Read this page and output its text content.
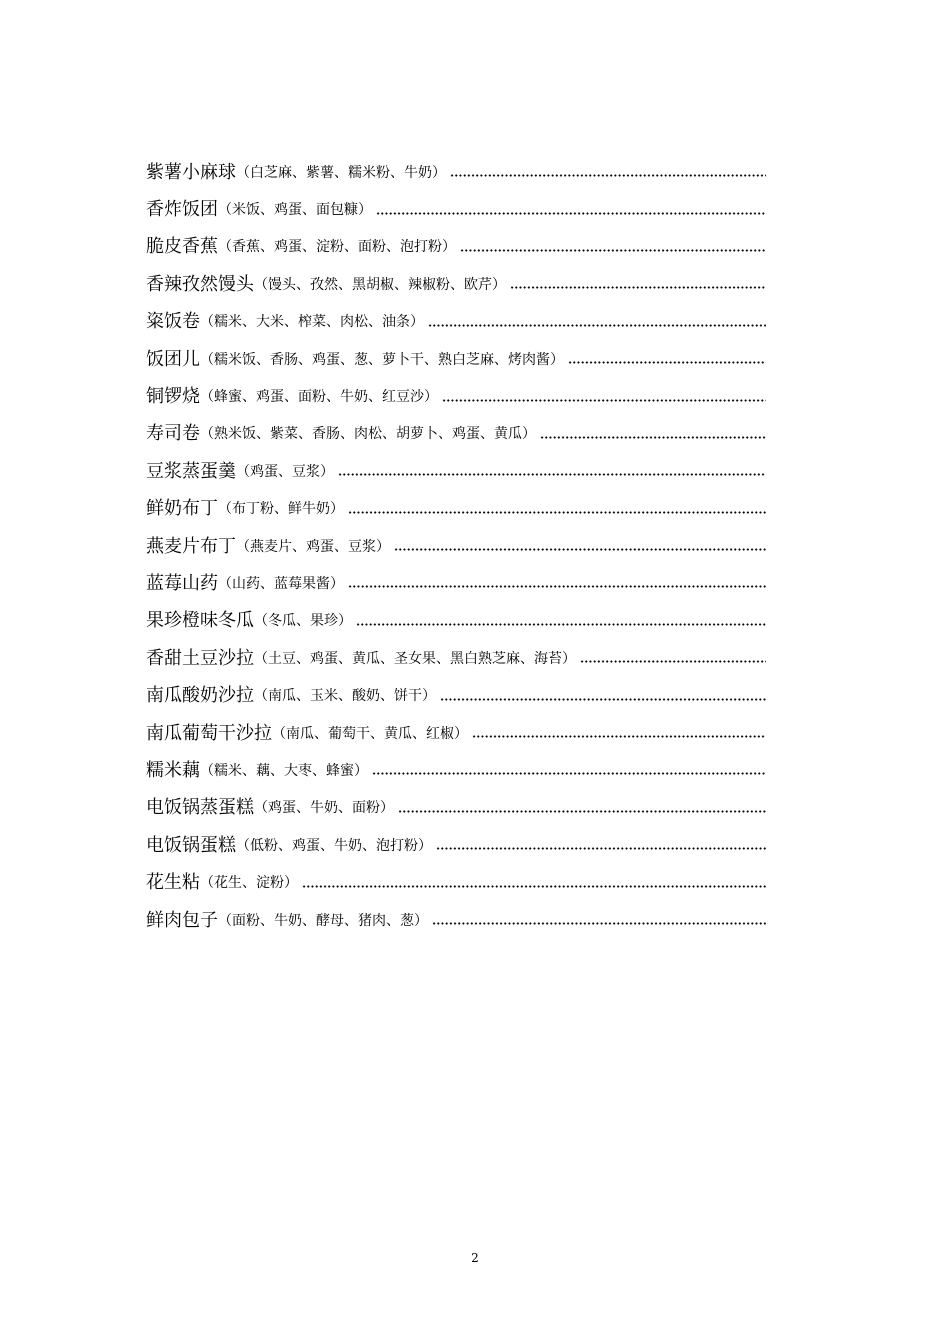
紫薯小麻球 （白芝麻、紫薯、糯米粉、牛奶）
香炸饭团 （米饭、鸡蛋、面包糠）
脆皮香蕉 （香蕉、鸡蛋、淀粉、面粉、泡打粉）
香辣孜然馒头 （馒头、孜然、黑胡椒、辣椒粉、欧芹）
粢饭卷 （糯米、大米、榨菜、肉松、油条）
饭团儿 （糯米饭、香肠、鸡蛋、葱、萝卜干、熟白芝麻、烤肉酱）
铜锣烧 （蜂蜜、鸡蛋、面粉、牛奶、红豆沙）
寿司卷 （熟米饭、紫菜、香肠、肉松、胡萝卜、鸡蛋、黄瓜）
豆浆蒸蛋羹 （鸡蛋、豆浆）
鲜奶布丁 （布丁粉、鲜牛奶）
燕麦片布丁 （燕麦片、鸡蛋、豆浆）
蓝莓山药 （山药、蓝莓果酱）
果珍橙味冬瓜 （冬瓜、果珍）
香甜土豆沙拉 （土豆、鸡蛋、黄瓜、圣女果、黑白熟芝麻、海苔）
南瓜酸奶沙拉 （南瓜、玉米、酸奶、饼干）
南瓜葡萄干沙拉 （南瓜、葡萄干、黄瓜、红椒）
糯米藕 （糯米、藕、大枣、蜂蜜）
电饭锅蒸蛋糕 （鸡蛋、牛奶、面粉）
电饭锅蛋糕 （低粉、鸡蛋、牛奶、泡打粉）
花生粘 （花生、淀粉）
鲜肉包子 （面粉、牛奶、酵母、猪肉、葱）
2
